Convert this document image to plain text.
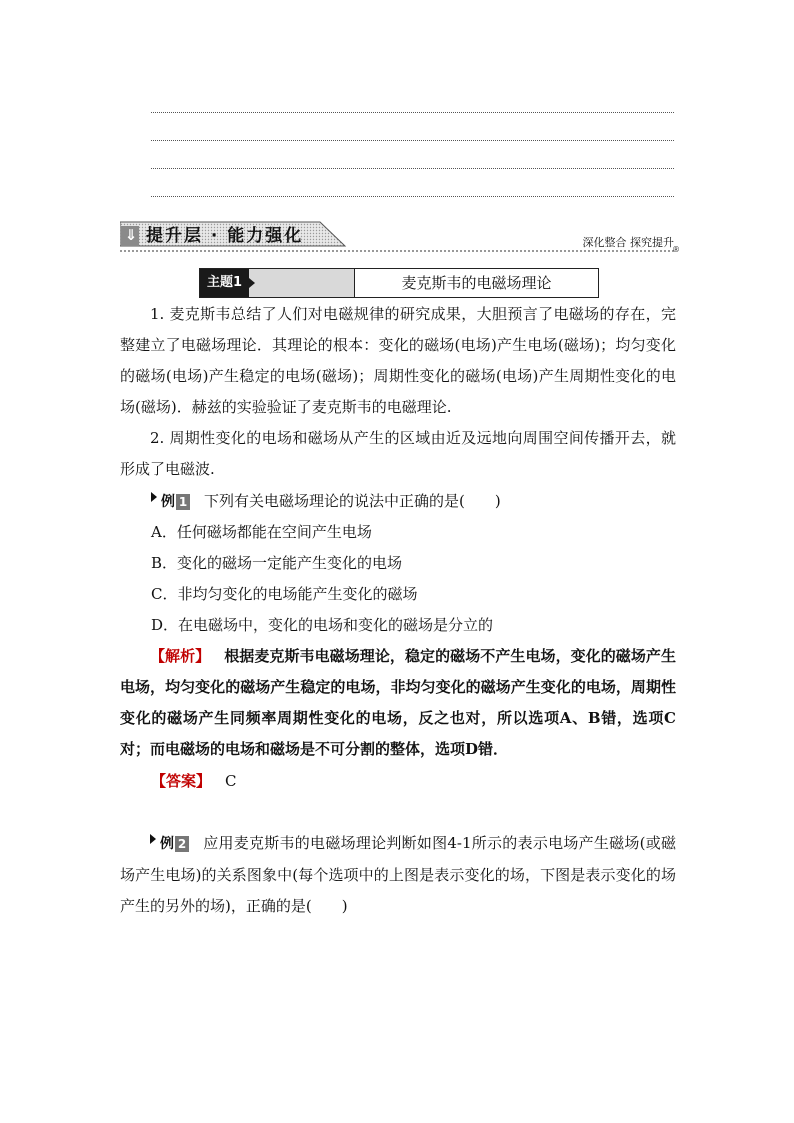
⇓ 提升层 · 能力强化	深化整合 探究提升
®
主题1	麦克斯韦的电磁场理论

1. 麦克斯韦总结了人们对电磁规律的研究成果，大胆预言了电磁场的存在，完整建立了电磁场理论．其理论的根本：变化的磁场(电场)产生电场(磁场)；均匀变化的磁场(电场)产生稳定的电场(磁场)；周期性变化的磁场(电场)产生周期性变化的电场(磁场)．赫兹的实验验证了麦克斯韦的电磁理论.

2. 周期性变化的电场和磁场从产生的区域由近及远地向周围空间传播开去，就形成了电磁波.

例 1 下列有关电磁场理论的说法中正确的是(　　)

A．任何磁场都能在空间产生电场

B．变化的磁场一定能产生变化的电场

C．非均匀变化的电场能产生变化的磁场

D．在电磁场中，变化的电场和变化的磁场是分立的

【解析】 根据麦克斯韦电磁场理论，稳定的磁场不产生电场，变化的磁场产生电场，均匀变化的磁场产生稳定的电场，非均匀变化的磁场产生变化的电场，周期性变化的磁场产生同频率周期性变化的电场，反之也对，所以选项A、B错，选项C对；而电磁场的电场和磁场是不可分割的整体，选项D错．

【答案】 C

例 2 应用麦克斯韦的电磁场理论判断如图4-1所示的表示电场产生磁场(或磁场产生电场)的关系图象中(每个选项中的上图是表示变化的场，下图是表示变化的场产生的另外的场)，正确的是(　　)
